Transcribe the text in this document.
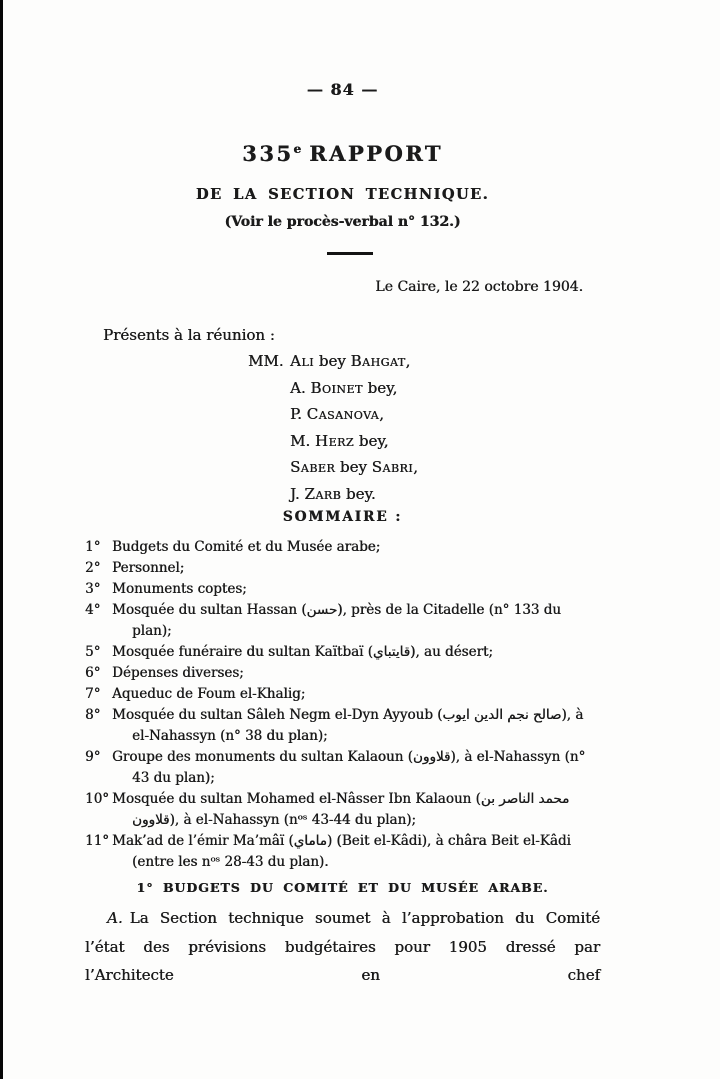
— 84 —
335e RAPPORT
DE LA SECTION TECHNIQUE.
(Voir le procès-verbal n° 132.)
Le Caire, le 22 octobre 1904.
Présents à la réunion :
MM. Ali bey Bahgat,
A. Boinet bey,
P. Casanova,
M. Herz bey,
Saber bey Sabri,
J. Zarb bey.
SOMMAIRE :
1° Budgets du Comité et du Musée arabe;
2° Personnel;
3° Monuments coptes;
4° Mosquée du sultan Hassan (حسن), près de la Citadelle (n° 133 du plan);
5° Mosquée funéraire du sultan Kaïtbaï (قايتباي), au désert;
6° Dépenses diverses;
7° Aqueduc de Foum el-Khalig;
8° Mosquée du sultan Sâleh Negm el-Dyn Ayyoub (صالح نجم الدين ايوب), à el-Nahassyn (n° 38 du plan);
9° Groupe des monuments du sultan Kalaoun (قلاوون), à el-Nahassyn (n° 43 du plan);
10° Mosquée du sultan Mohamed el-Nâsser Ibn Kalaoun (محمد الناصر بن قلاوون), à el-Nahassyn (nᵒˢ 43-44 du plan);
11° Mak’ad de l’émir Ma’mâï (ماماي) (Beit el-Kâdi), à châra Beit el-Kâdi (entre les nᵒˢ 28-43 du plan).
1° BUDGETS DU COMITÉ ET DU MUSÉE ARABE.

A. La Section technique soumet à l’approbation du Comité l’état des prévisions budgétaires pour 1905 dressé par l’Architecte en chef
